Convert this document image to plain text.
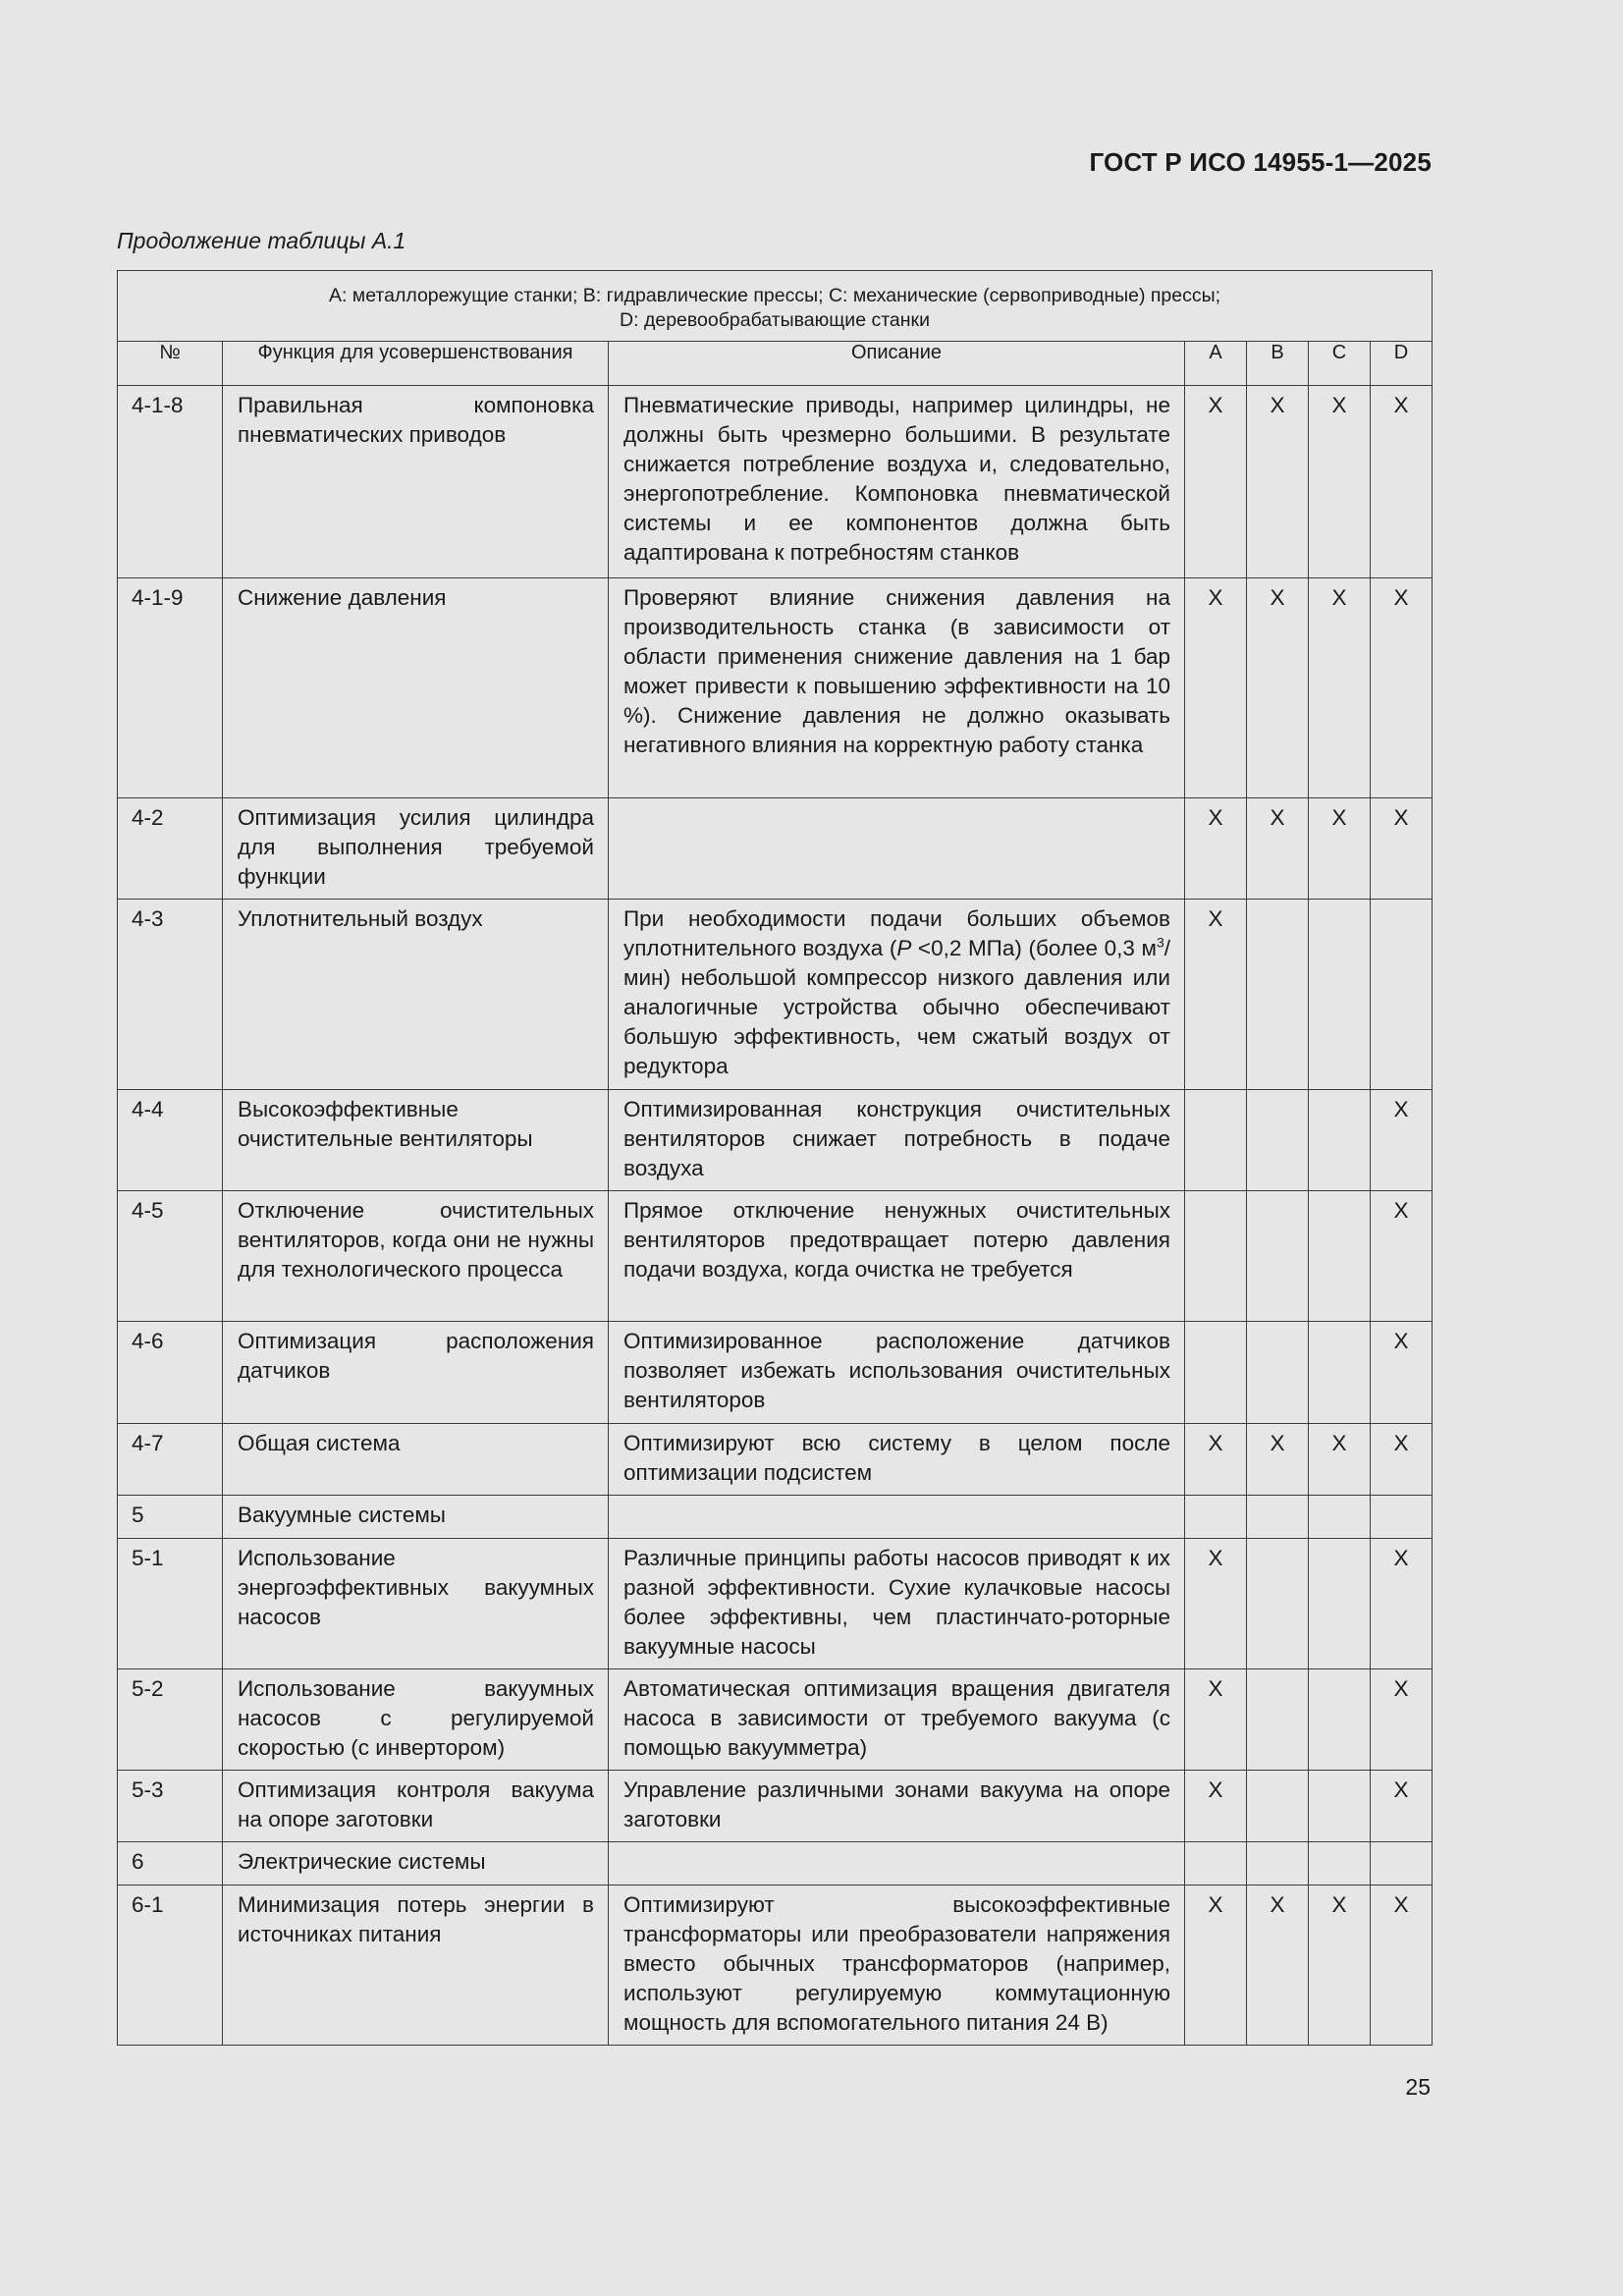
ГОСТ Р ИСО 14955-1—2025
Продолжение таблицы А.1
A: металлорежущие станки; B: гидравлические прессы; C: механические (сервоприводные) прессы;
D: деревообрабатывающие станки						

№	Функция для усовершенствования	Описание	A	B	C	D
4-1-8	Правильная компоновка пневматических приводов	Пневматические приводы, например цилиндры, не должны быть чрезмерно большими. В результате снижается потребление воздуха и, следовательно, энергопотребление. Компоновка пневматической системы и ее компонентов должна быть адаптирована к потребностям станков	X	X	X	X
4-1-9	Снижение давления	Проверяют влияние снижения давления на производительность станка (в зависимости от области применения снижение давления на 1 бар может привести к повышению эффективности на 10 %). Снижение давления не должно оказывать негативного влияния на корректную работу станка	X	X	X	X
4-2	Оптимизация усилия цилиндра для выполнения требуемой функции		X	X	X	X
4-3	Уплотнительный воздух	При необходимости подачи больших объемов уплотнительного воздуха (P <0,2 МПа) (более 0,3 $м^3/мин$) небольшой компрессор низкого давления или аналогичные устройства обычно обеспечивают большую эффективность, чем сжатый воздух от редуктора	X			
4-4	Высокоэффективные очистительные вентиляторы	Оптимизированная конструкция очистительных вентиляторов снижает потребность в подаче воздуха				X
4-5	Отключение очистительных вентиляторов, когда они не нужны для технологического процесса	Прямое отключение ненужных очистительных вентиляторов предотвращает потерю давления подачи воздуха, когда очистка не требуется				X
4-6	Оптимизация расположения датчиков	Оптимизированное расположение датчиков позволяет избежать использования очистительных вентиляторов				X
4-7	Общая система	Оптимизируют всю систему в целом после оптимизации подсистем	X	X	X	X
5	Вакуумные системы					
5-1	Использование энергоэффективных вакуумных насосов	Различные принципы работы насосов приводят к их разной эффективности. Сухие кулачковые насосы более эффективны, чем пластинчато-роторные вакуумные насосы	X			X
5-2	Использование вакуумных насосов с регулируемой скоростью (с инвертором)	Автоматическая оптимизация вращения двигателя насоса в зависимости от требуемого вакуума (с помощью вакуумметра)	X			X
5-3	Оптимизация контроля вакуума на опоре заготовки	Управление различными зонами вакуума на опоре заготовки	X			X
6	Электрические системы					
6-1	Минимизация потерь энергии в источниках питания	Оптимизируют высокоэффективные трансформаторы или преобразователи напряжения вместо обычных трансформаторов (например, используют регулируемую коммутационную мощность для вспомогательного питания 24 В)	X	X	X	X
25
